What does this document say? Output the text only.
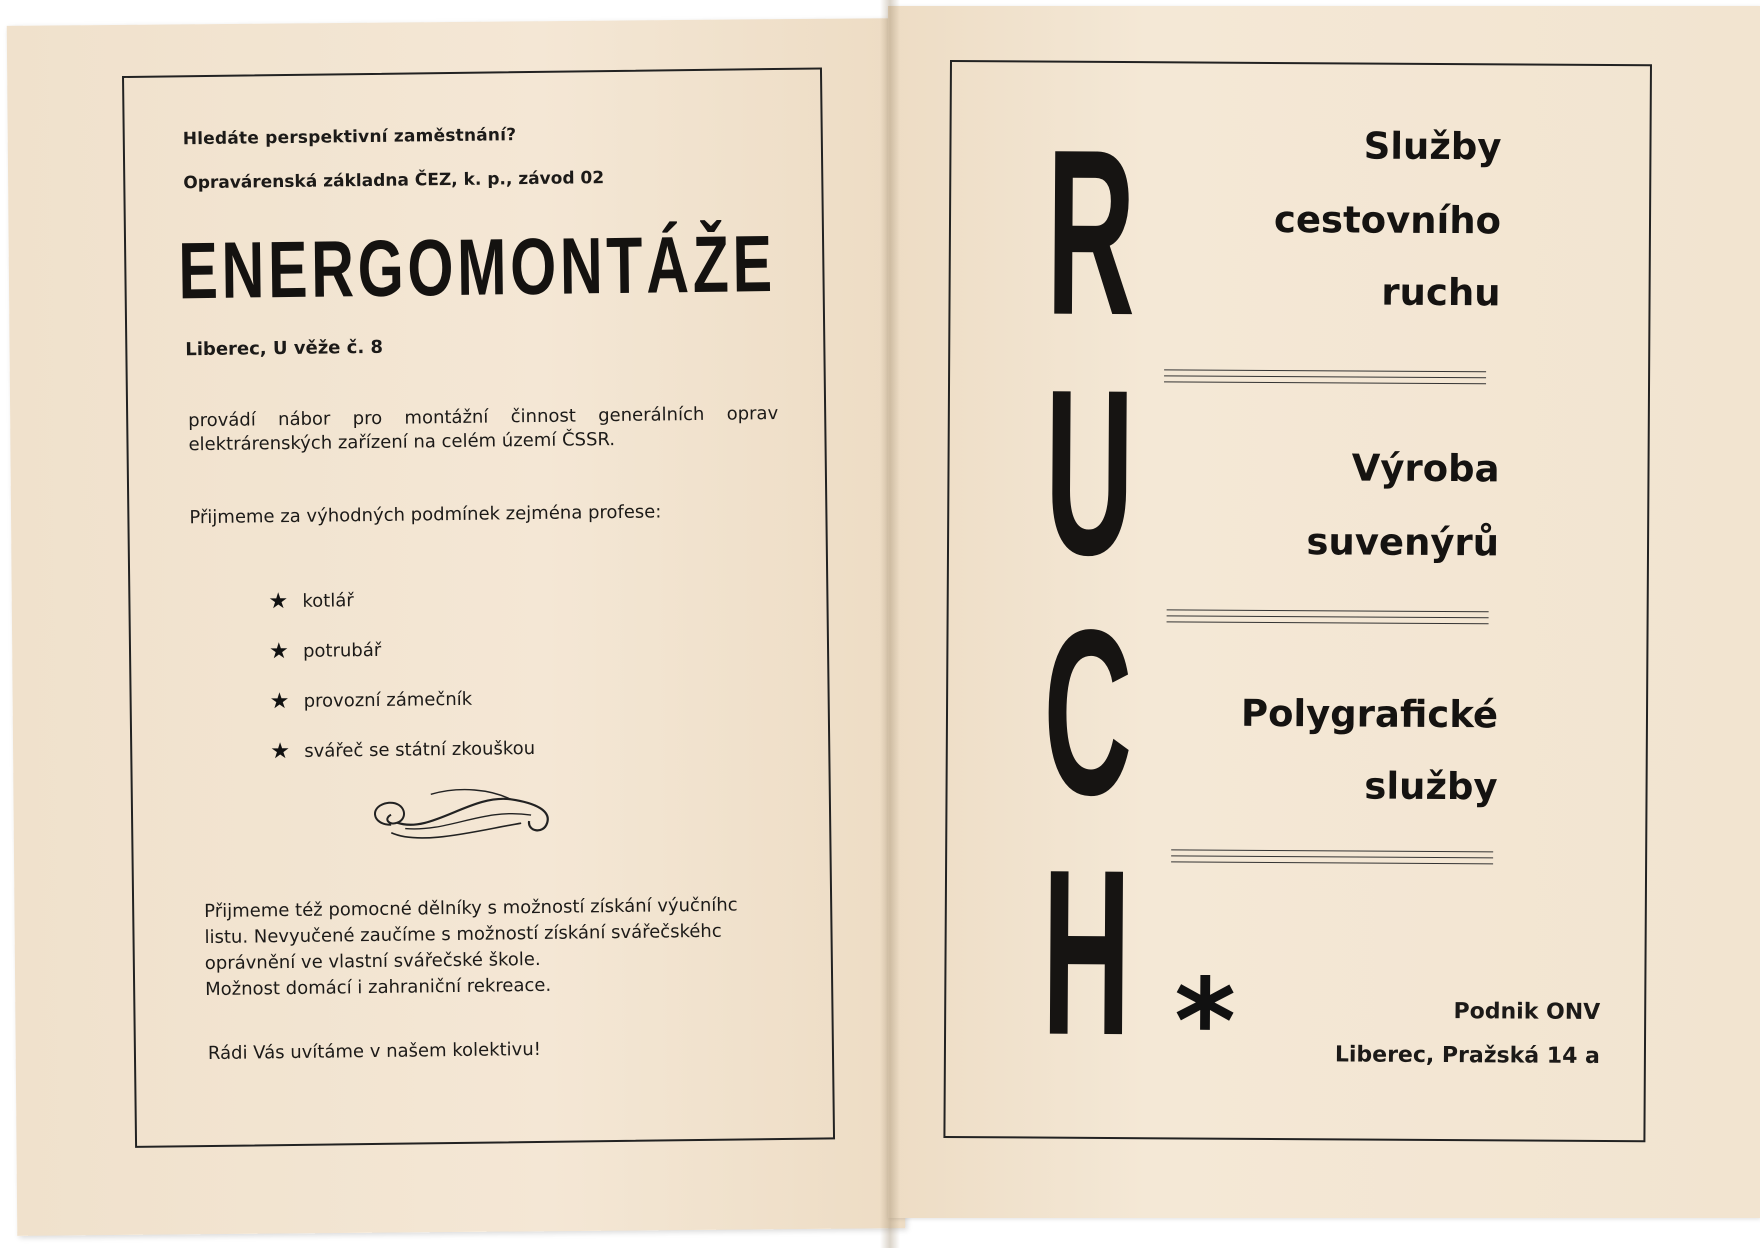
Hledáte perspektivní zaměstnání?
Opravárenská základna ČEZ, k. p., závod 02
ENERGOMONTÁŽE
Liberec, U věže č. 8
provádí nábor pro montážní činnost generálních oprav elektrárenských zařízení na celém území ČSSR.
Přijmeme za výhodných podmínek zejména profese:
★ kotlář
★ potrubář
★ provozní zámečník
★ svářeč se státní zkouškou
Přijmeme též pomocné dělníky s možností získání výučníhc
listu. Nevyučené zaučíme s možností získání svářečskéhc
oprávnění ve vlastní svářečské škole.
Možnost domácí i zahraniční rekreace.
Rádi Vás uvítáme v našem kolektivu!
R
U
C
H
Služby
cestovního
ruchu
Výroba
suvenýrů
Polygrafické
služby
*	Podnik ONV
Liberec, Pražská 14 a
